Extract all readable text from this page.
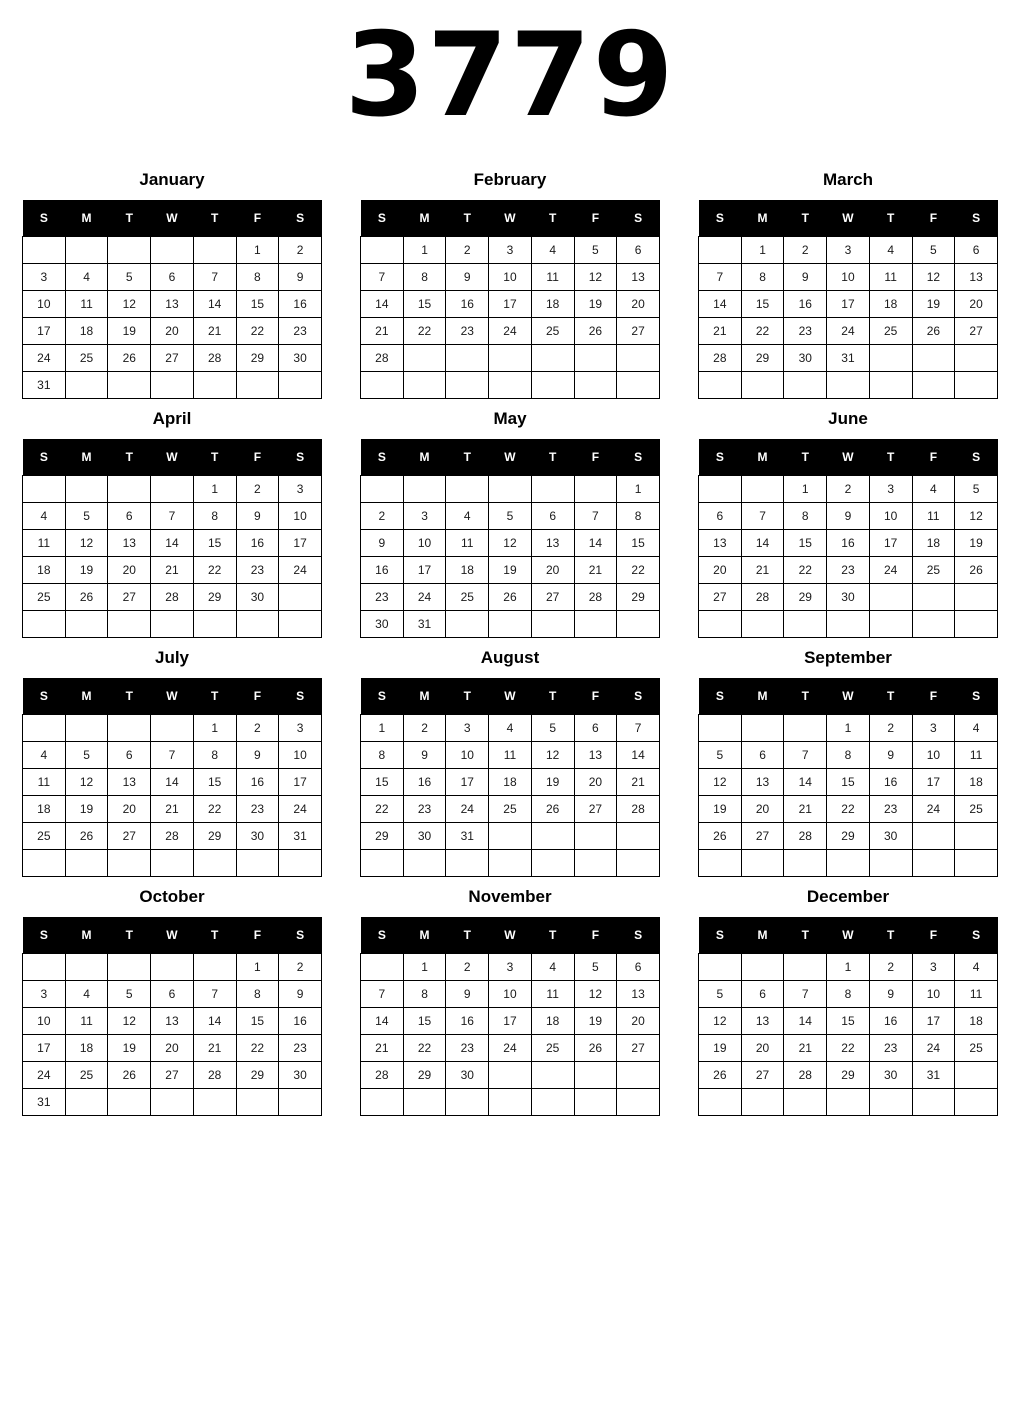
3779
January
S	M	T	W	T	F	S
					1	2
3	4	5	6	7	8	9
10	11	12	13	14	15	16
17	18	19	20	21	22	23
24	25	26	27	28	29	30
31						
February
S	M	T	W	T	F	S
	1	2	3	4	5	6
7	8	9	10	11	12	13
14	15	16	17	18	19	20
21	22	23	24	25	26	27
28						

March
S	M	T	W	T	F	S
	1	2	3	4	5	6
7	8	9	10	11	12	13
14	15	16	17	18	19	20
21	22	23	24	25	26	27
28	29	30	31			

April
S	M	T	W	T	F	S
				1	2	3
4	5	6	7	8	9	10
11	12	13	14	15	16	17
18	19	20	21	22	23	24
25	26	27	28	29	30	

May
S	M	T	W	T	F	S
						1
2	3	4	5	6	7	8
9	10	11	12	13	14	15
16	17	18	19	20	21	22
23	24	25	26	27	28	29
30	31					
June
S	M	T	W	T	F	S
		1	2	3	4	5
6	7	8	9	10	11	12
13	14	15	16	17	18	19
20	21	22	23	24	25	26
27	28	29	30			

July
S	M	T	W	T	F	S
				1	2	3
4	5	6	7	8	9	10
11	12	13	14	15	16	17
18	19	20	21	22	23	24
25	26	27	28	29	30	31

August
S	M	T	W	T	F	S
1	2	3	4	5	6	7
8	9	10	11	12	13	14
15	16	17	18	19	20	21
22	23	24	25	26	27	28
29	30	31				

September
S	M	T	W	T	F	S
			1	2	3	4
5	6	7	8	9	10	11
12	13	14	15	16	17	18
19	20	21	22	23	24	25
26	27	28	29	30		

October
S	M	T	W	T	F	S
					1	2
3	4	5	6	7	8	9
10	11	12	13	14	15	16
17	18	19	20	21	22	23
24	25	26	27	28	29	30
31						
November
S	M	T	W	T	F	S
	1	2	3	4	5	6
7	8	9	10	11	12	13
14	15	16	17	18	19	20
21	22	23	24	25	26	27
28	29	30				

December
S	M	T	W	T	F	S
			1	2	3	4
5	6	7	8	9	10	11
12	13	14	15	16	17	18
19	20	21	22	23	24	25
26	27	28	29	30	31	
